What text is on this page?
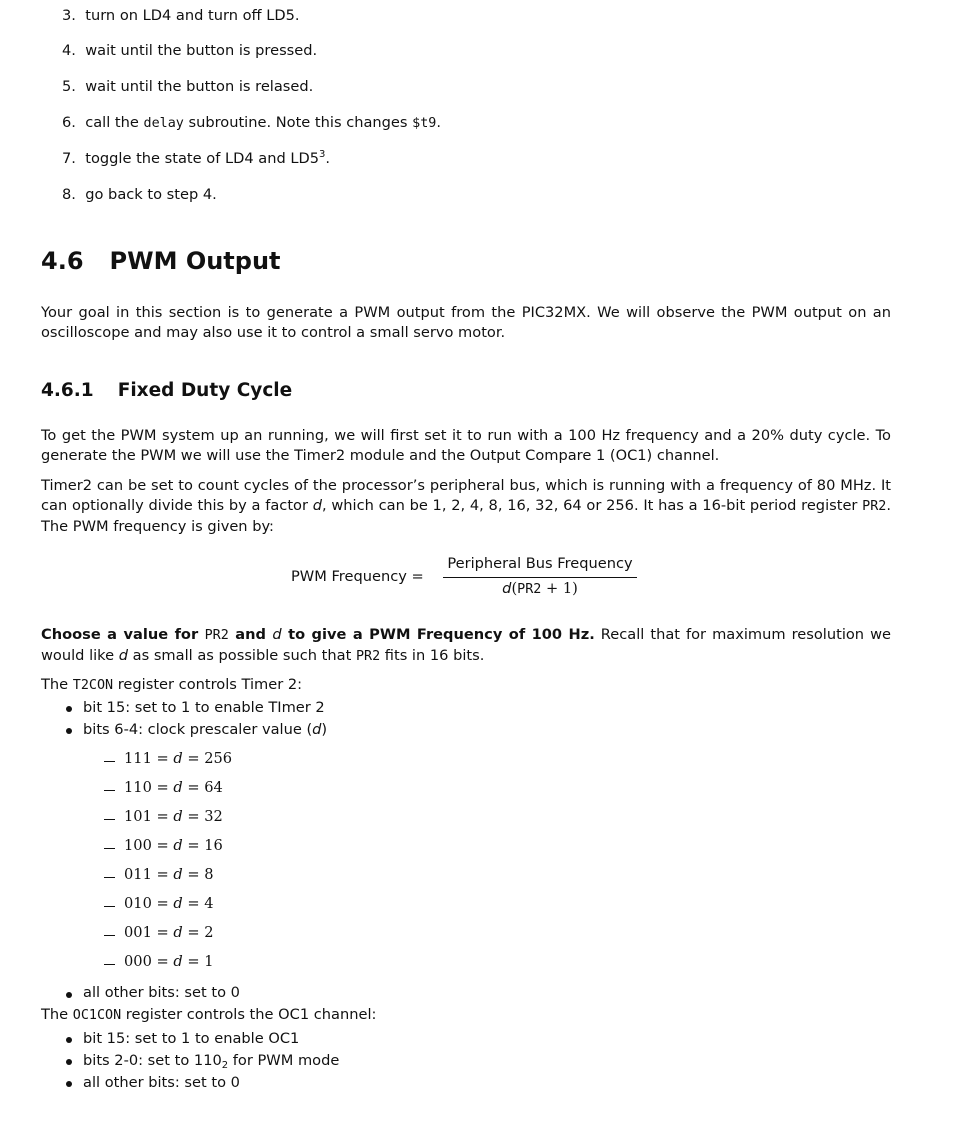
3. turn on LD4 and turn off LD5.
4. wait until the button is pressed.
5. wait until the button is relased.
6. call the delay subroutine. Note this changes $t9.
7. toggle the state of LD4 and $LD5^3$.
8. go back to step 4.
4.6 PWM Output
Your goal in this section is to generate a PWM output from the PIC32MX. We will observe the PWM output on an oscilloscope and may also use it to control a small servo motor.
4.6.1 Fixed Duty Cycle
To get the PWM system up an running, we will first set it to run with a 100 Hz frequency and a 20% duty cycle. To generate the PWM we will use the Timer2 module and the Output Compare 1 (OC1) channel.
Timer2 can be set to count cycles of the processor’s peripheral bus, which is running with a frequency of 80 MHz. It can optionally divide this by a factor d, which can be 1, 2, 4, 8, 16, 32, 64 or 256. It has a 16-bit period register PR2. The PWM frequency is given by:
PWM Frequency =
Peripheral Bus Frequency
d(PR2 + 1)
Choose a value for PR2 and d to give a PWM Frequency of 100 Hz. Recall that for maximum resolution we would like d as small as possible such that PR2 fits in 16 bits.
The T2CON register controls Timer 2:
bit 15: set to 1 to enable TImer 2
bits 6-4: clock prescaler value (d)
111 = d = 256
110 = d = 64
101 = d = 32
100 = d = 16
011 = d = 8
010 = d = 4
001 = d = 2
000 = d = 1
all other bits: set to 0
The OC1CON register controls the OC1 channel:
bit 15: set to 1 to enable OC1
bits 2-0: set to $110_2$ for PWM mode
all other bits: set to 0
